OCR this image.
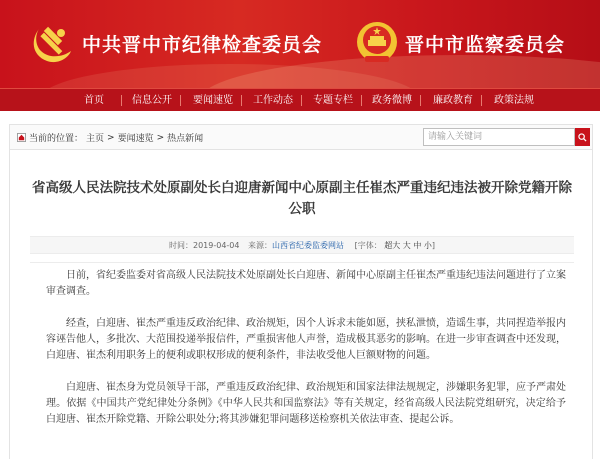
中共晋中市纪律检查委员会	晋中市监察委员会
首页	信息公开 要闻速览 工作动态 专题专栏 政务微博 廉政教育 政策法规
当前的位置： 主页 > 要闻速览 > 热点新闻
请输入关键词
省高级人民法院技术处原副处长白迎唐新闻中心原副主任崔杰严重违纪违法被开除党籍开除公职
时间：2019-04-04 来源：山西省纪委监委网站 [字体： 超大 大 中 小]

日前，省纪委监委对省高级人民法院技术处原副处长白迎唐、新闻中心原副主任崔杰严重违纪违法问题进行了立案审查调查。

经查，白迎唐、崔杰严重违反政治纪律、政治规矩，因个人诉求未能如愿，挟私泄愤，造谣生事，共同捏造举报内容诬告他人，多批次、大范围投递举报信件，严重损害他人声誉，造成极其恶劣的影响。在进一步审查调查中还发现，白迎唐、崔杰利用职务上的便利或职权形成的便利条件，非法收受他人巨额财物的问题。

白迎唐、崔杰身为党员领导干部，严重违反政治纪律、政治规矩和国家法律法规规定，涉嫌职务犯罪，应予严肃处理。依据《中国共产党纪律处分条例》《中华人民共和国监察法》等有关规定，经省高级人民法院党组研究，决定给予白迎唐、崔杰开除党籍、开除公职处分;将其涉嫌犯罪问题移送检察机关依法审查、提起公诉。
